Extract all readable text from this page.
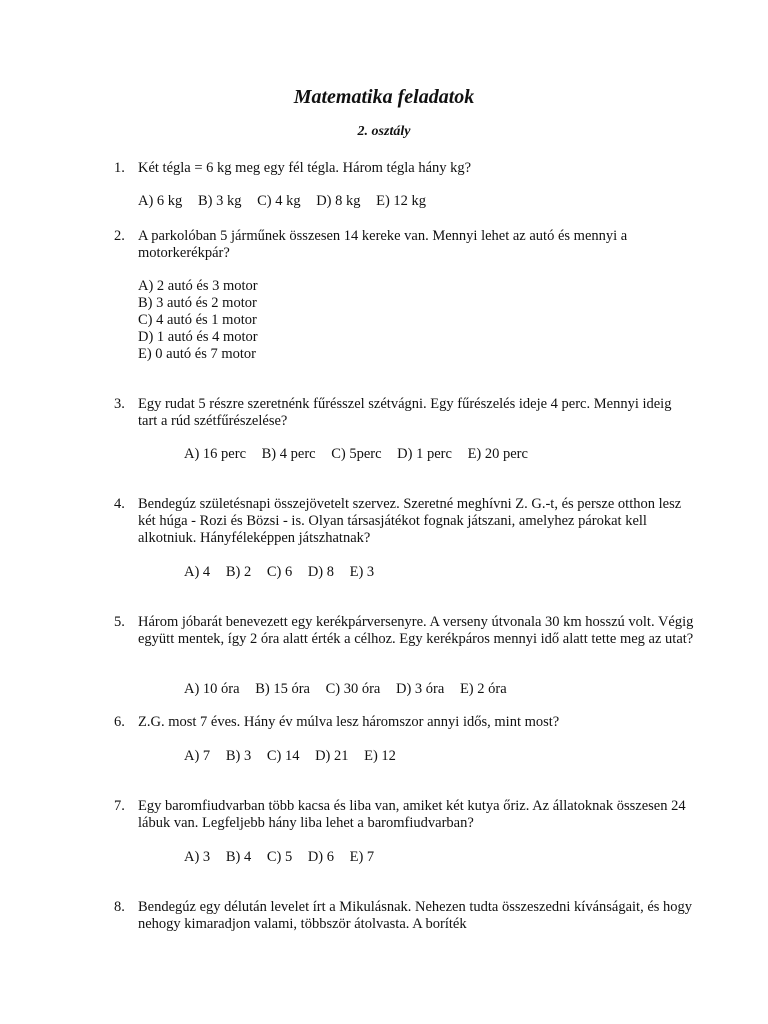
Matematika feladatok
2. osztály
1. Két tégla = 6 kg meg egy fél tégla. Három tégla hány kg?
A) 6 kg B) 3 kg C) 4 kg D) 8 kg E) 12 kg
2. A parkolóban 5 járműnek összesen 14 kereke van. Mennyi lehet az autó és mennyi a motorkerékpár?
A) 2 autó és 3 motor
B) 3 autó és 2 motor
C) 4 autó és 1 motor
D) 1 autó és 4 motor
E) 0 autó és 7 motor
3. Egy rudat 5 részre szeretnénk fűrésszel szétvágni. Egy fűrészelés ideje 4 perc. Mennyi ideig tart a rúd szétfűrészelése?
A) 16 perc B) 4 perc C) 5perc D) 1 perc E) 20 perc
4. Bendegúz születésnapi összejövetelt szervez. Szeretné meghívni Z. G.-t, és persze otthon lesz két húga - Rozi és Bözsi - is. Olyan társasjátékot fognak játszani, amelyhez párokat kell alkotniuk. Hányféleképpen játszhatnak?
A) 4 B) 2 C) 6 D) 8 E) 3
5. Három jóbarát benevezett egy kerékpárversenyre. A verseny útvonala 30 km hosszú volt. Végig együtt mentek, így 2 óra alatt érték a célhoz. Egy kerékpáros mennyi idő alatt tette meg az utat?
A) 10 óra B) 15 óra C) 30 óra D) 3 óra E) 2 óra
6. Z.G. most 7 éves. Hány év múlva lesz háromszor annyi idős, mint most?
A) 7 B) 3 C) 14 D) 21 E) 12
7. Egy baromfiudvarban több kacsa és liba van, amiket két kutya őriz. Az állatoknak összesen 24 lábuk van. Legfeljebb hány liba lehet a baromfiudvarban?
A) 3 B) 4 C) 5 D) 6 E) 7
8. Bendegúz egy délután levelet írt a Mikulásnak. Nehezen tudta összeszedni kívánságait, és hogy nehogy kimaradjon valami, többször átolvasta. A boríték
